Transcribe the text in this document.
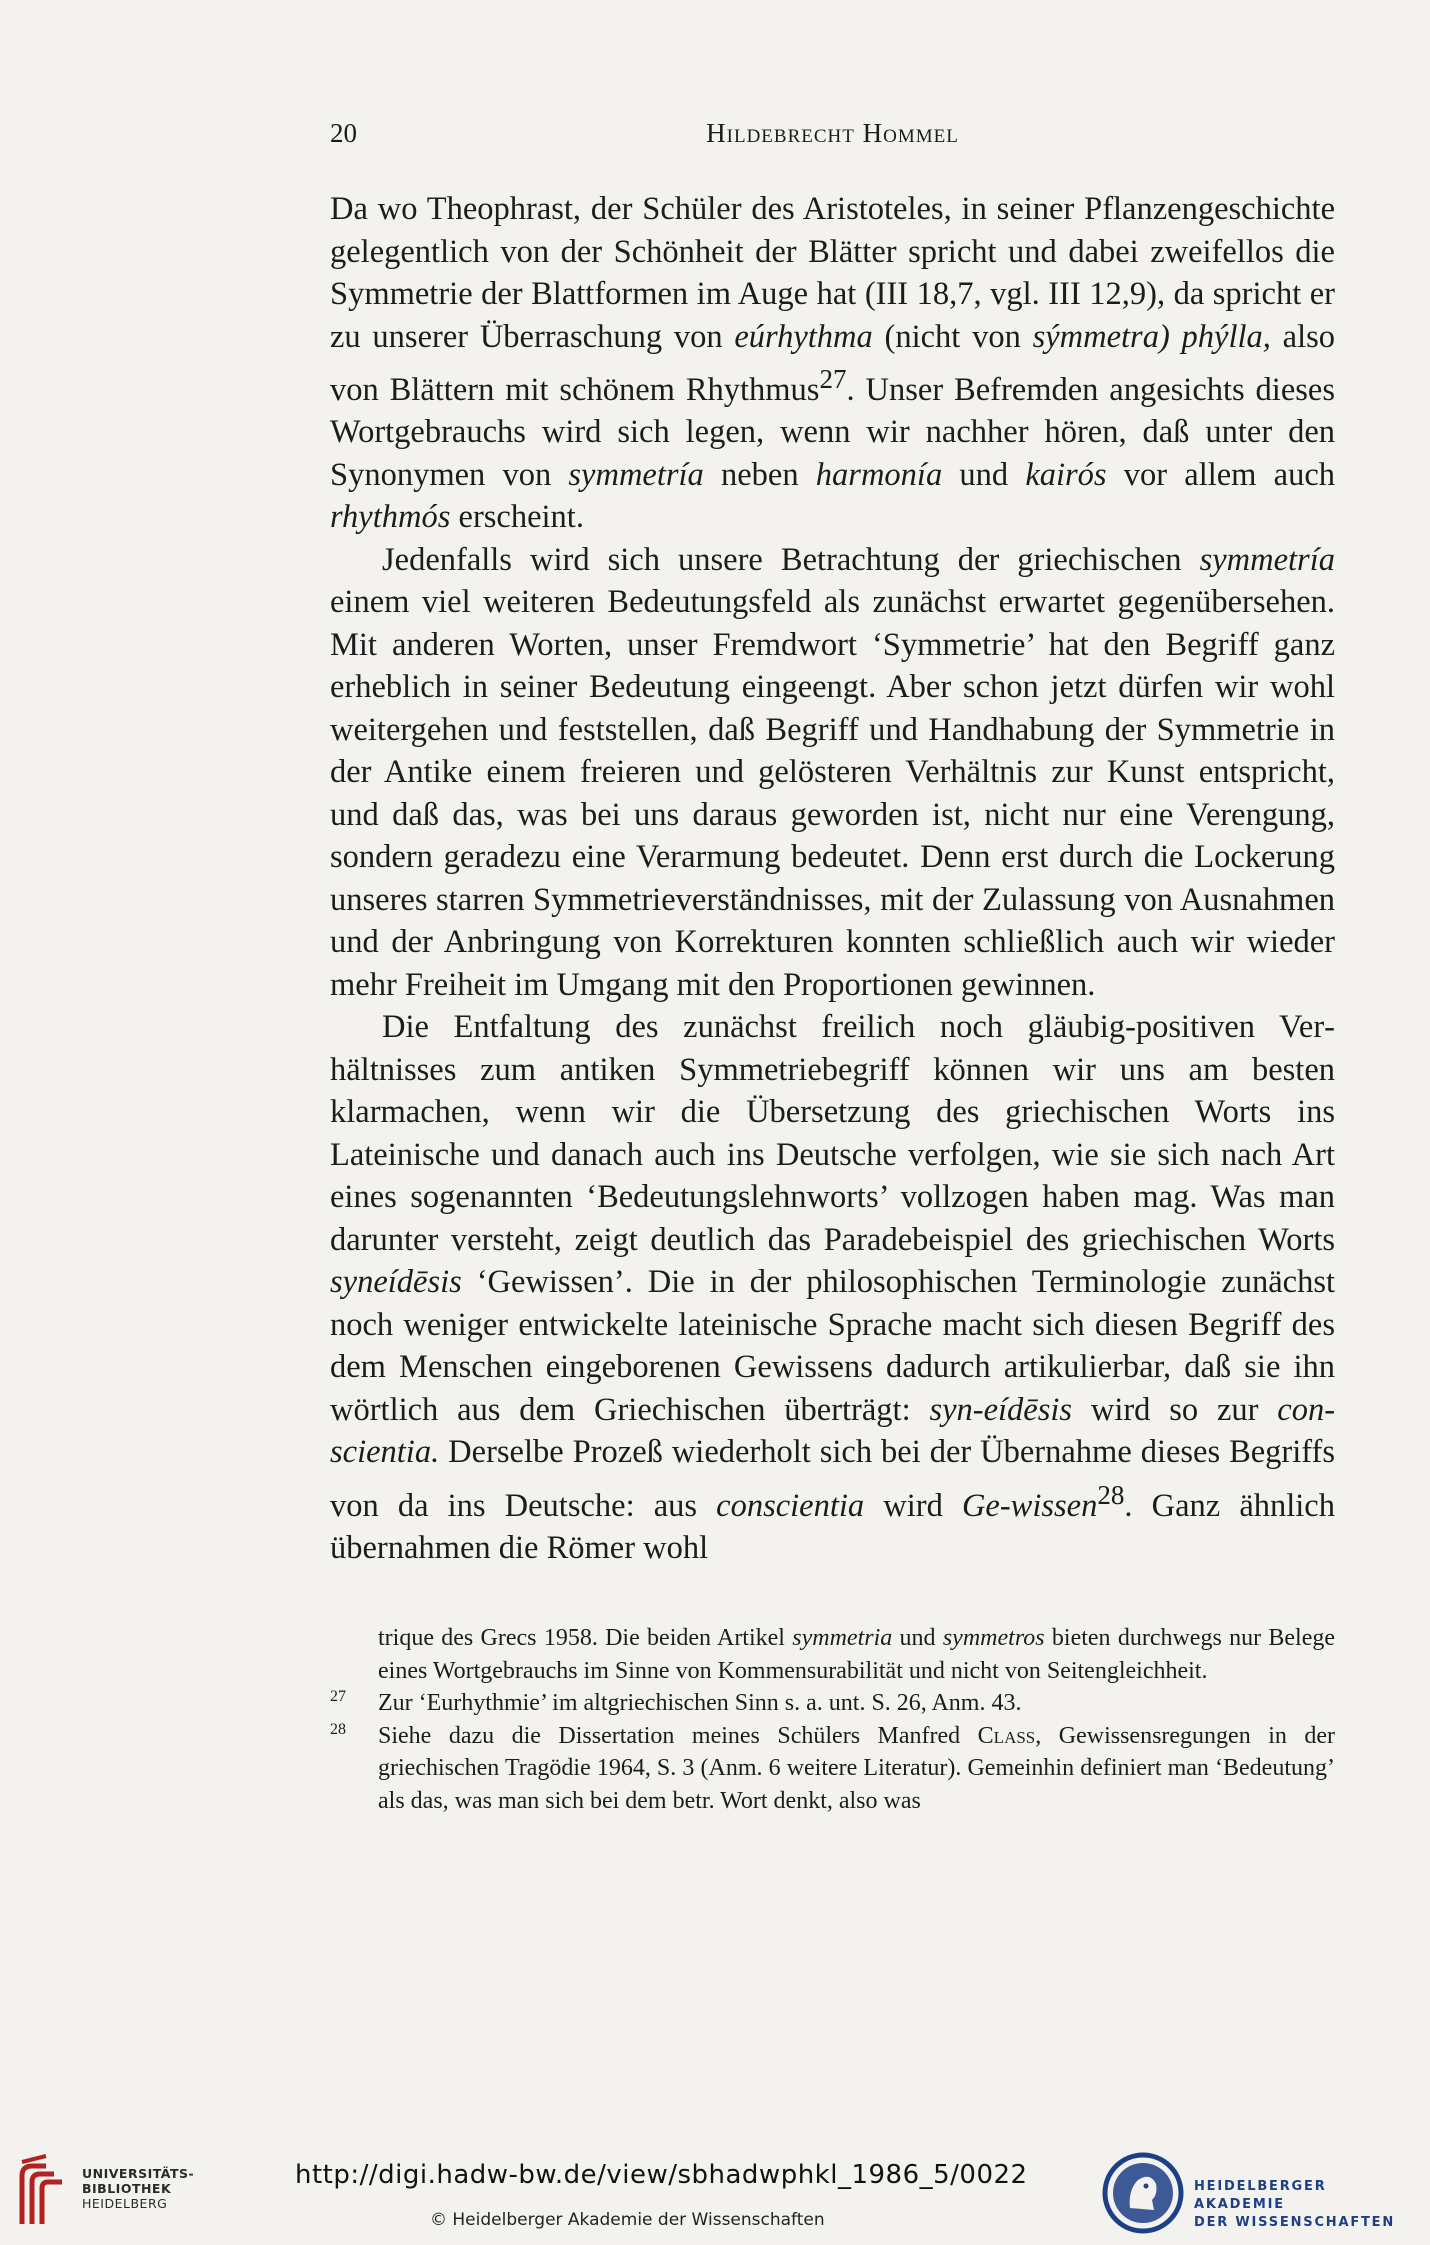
20	Hildebrecht Hommel

Da wo Theophrast, der Schüler des Aristoteles, in seiner Pflanzengeschichte gelegentlich von der Schönheit der Blätter spricht und dabei zweifellos die Symmetrie der Blattformen im Auge hat (III 18,7, vgl. III 12,9), da spricht er zu unserer Überraschung von eúrhythma (nicht von sýmmetra) phýlla, also von Blättern mit schönem Rhythmus$^{27}$. Unser Befremden angesichts dieses Wortgebrauchs wird sich legen, wenn wir nachher hören, daß unter den Synonymen von symmetría neben harmonía und kairós vor allem auch rhythmós erscheint.

Jedenfalls wird sich unsere Betrachtung der griechischen symmetría einem viel weiteren Bedeutungsfeld als zunächst erwartet gegenübersehen. Mit anderen Worten, unser Fremdwort ‘Symmetrie’ hat den Begriff ganz erheblich in seiner Bedeutung eingeengt. Aber schon jetzt dürfen wir wohl weitergehen und feststellen, daß Begriff und Handhabung der Symmetrie in der Antike einem freieren und gelösteren Verhältnis zur Kunst entspricht, und daß das, was bei uns daraus geworden ist, nicht nur eine Verengung, sondern geradezu eine Verarmung bedeutet. Denn erst durch die Lockerung unseres starren Symmetrieverständnisses, mit der Zulassung von Ausnahmen und der Anbringung von Korrekturen konnten schließlich auch wir wieder mehr Freiheit im Umgang mit den Proportionen gewinnen.

Die Entfaltung des zunächst freilich noch gläubig-positiven Verhältnisses zum antiken Symmetriebegriff können wir uns am besten klarmachen, wenn wir die Übersetzung des griechischen Worts ins Lateinische und danach auch ins Deutsche verfolgen, wie sie sich nach Art eines sogenannten ‘Bedeutungslehnworts’ vollzogen haben mag. Was man darunter versteht, zeigt deutlich das Paradebeispiel des griechischen Worts syneídēsis ‘Gewissen’. Die in der philosophischen Terminologie zunächst noch weniger entwickelte lateinische Sprache macht sich diesen Begriff des dem Menschen eingeborenen Gewissens dadurch artikulierbar, daß sie ihn wörtlich aus dem Griechischen überträgt: syn-eídēsis wird so zur con-scientia. Derselbe Prozeß wiederholt sich bei der Übernahme dieses Begriffs von da ins Deutsche: aus conscientia wird Ge-wissen$^{28}$. Ganz ähnlich übernahmen die Römer wohl

trique des Grecs 1958. Die beiden Artikel symmetria und symmetros bieten durchwegs nur Belege eines Wortgebrauchs im Sinne von Kommensurabilität und nicht von Seitengleichheit.

27 Zur ‘Eurhythmie’ im altgriechischen Sinn s. a. unt. S. 26, Anm. 43.

28 Siehe dazu die Dissertation meines Schülers Manfred Class, Gewissensregungen in der griechischen Tragödie 1964, S. 3 (Anm. 6 weitere Literatur). Gemeinhin definiert man ‘Bedeutung’ als das, was man sich bei dem betr. Wort denkt, also was

UNIVERSITÄTS-
BIBLIOTHEK
HEIDELBERG
http://digi.hadw-bw.de/view/sbhadwphkl_1986_5/0022
© Heidelberger Akademie der Wissenschaften
HEIDELBERGER AKADEMIE
DER WISSENSCHAFTEN
